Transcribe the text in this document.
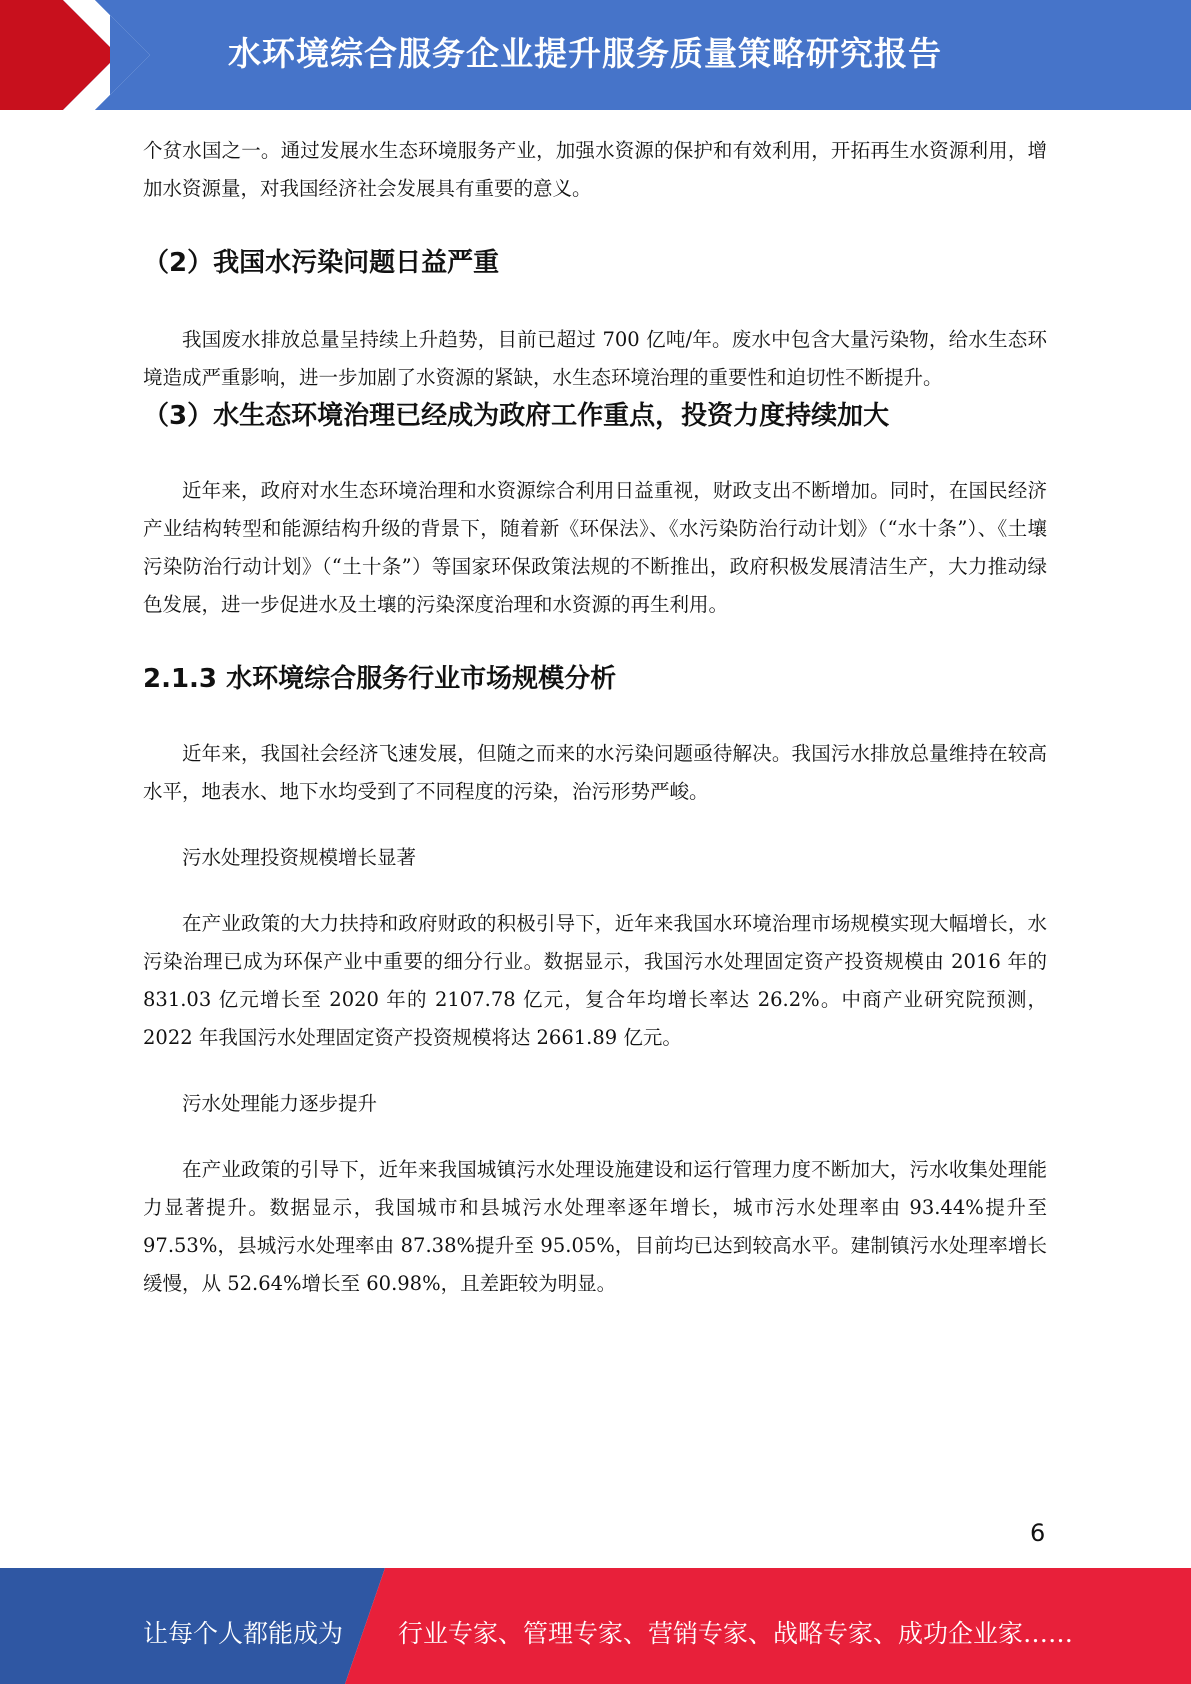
水环境综合服务企业提升服务质量策略研究报告

个贫水国之一。通过发展水生态环境服务产业，加强水资源的保护和有效利用，开拓再生水资源利用，增加水资源量，对我国经济社会发展具有重要的意义。

（2）我国水污染问题日益严重

我国废水排放总量呈持续上升趋势，目前已超过 700 亿吨/年。废水中包含大量污染物，给水生态环境造成严重影响，进一步加剧了水资源的紧缺，水生态环境治理的重要性和迫切性不断提升。

（3）水生态环境治理已经成为政府工作重点，投资力度持续加大

近年来，政府对水生态环境治理和水资源综合利用日益重视，财政支出不断增加。同时，在国民经济产业结构转型和能源结构升级的背景下，随着新《环保法》、《水污染防治行动计划》（“水十条”）、《土壤污染防治行动计划》（“土十条”）等国家环保政策法规的不断推出，政府积极发展清洁生产，大力推动绿色发展，进一步促进水及土壤的污染深度治理和水资源的再生利用。

2.1.3 水环境综合服务行业市场规模分析

近年来，我国社会经济飞速发展，但随之而来的水污染问题亟待解决。我国污水排放总量维持在较高水平，地表水、地下水均受到了不同程度的污染，治污形势严峻。

污水处理投资规模增长显著

在产业政策的大力扶持和政府财政的积极引导下，近年来我国水环境治理市场规模实现大幅增长，水污染治理已成为环保产业中重要的细分行业。数据显示，我国污水处理固定资产投资规模由 2016 年的 831.03 亿元增长至 2020 年的 2107.78 亿元，复合年均增长率达 26.2%。中商产业研究院预测，2022 年我国污水处理固定资产投资规模将达 2661.89 亿元。

污水处理能力逐步提升

在产业政策的引导下，近年来我国城镇污水处理设施建设和运行管理力度不断加大，污水收集处理能力显著提升。数据显示，我国城市和县城污水处理率逐年增长，城市污水处理率由 93.44%提升至 97.53%，县城污水处理率由 87.38%提升至 95.05%，目前均已达到较高水平。建制镇污水处理率增长缓慢，从 52.64%增长至 60.98%，且差距较为明显。

6
让每个人都能成为 行业专家、管理专家、营销专家、战略专家、成功企业家……
